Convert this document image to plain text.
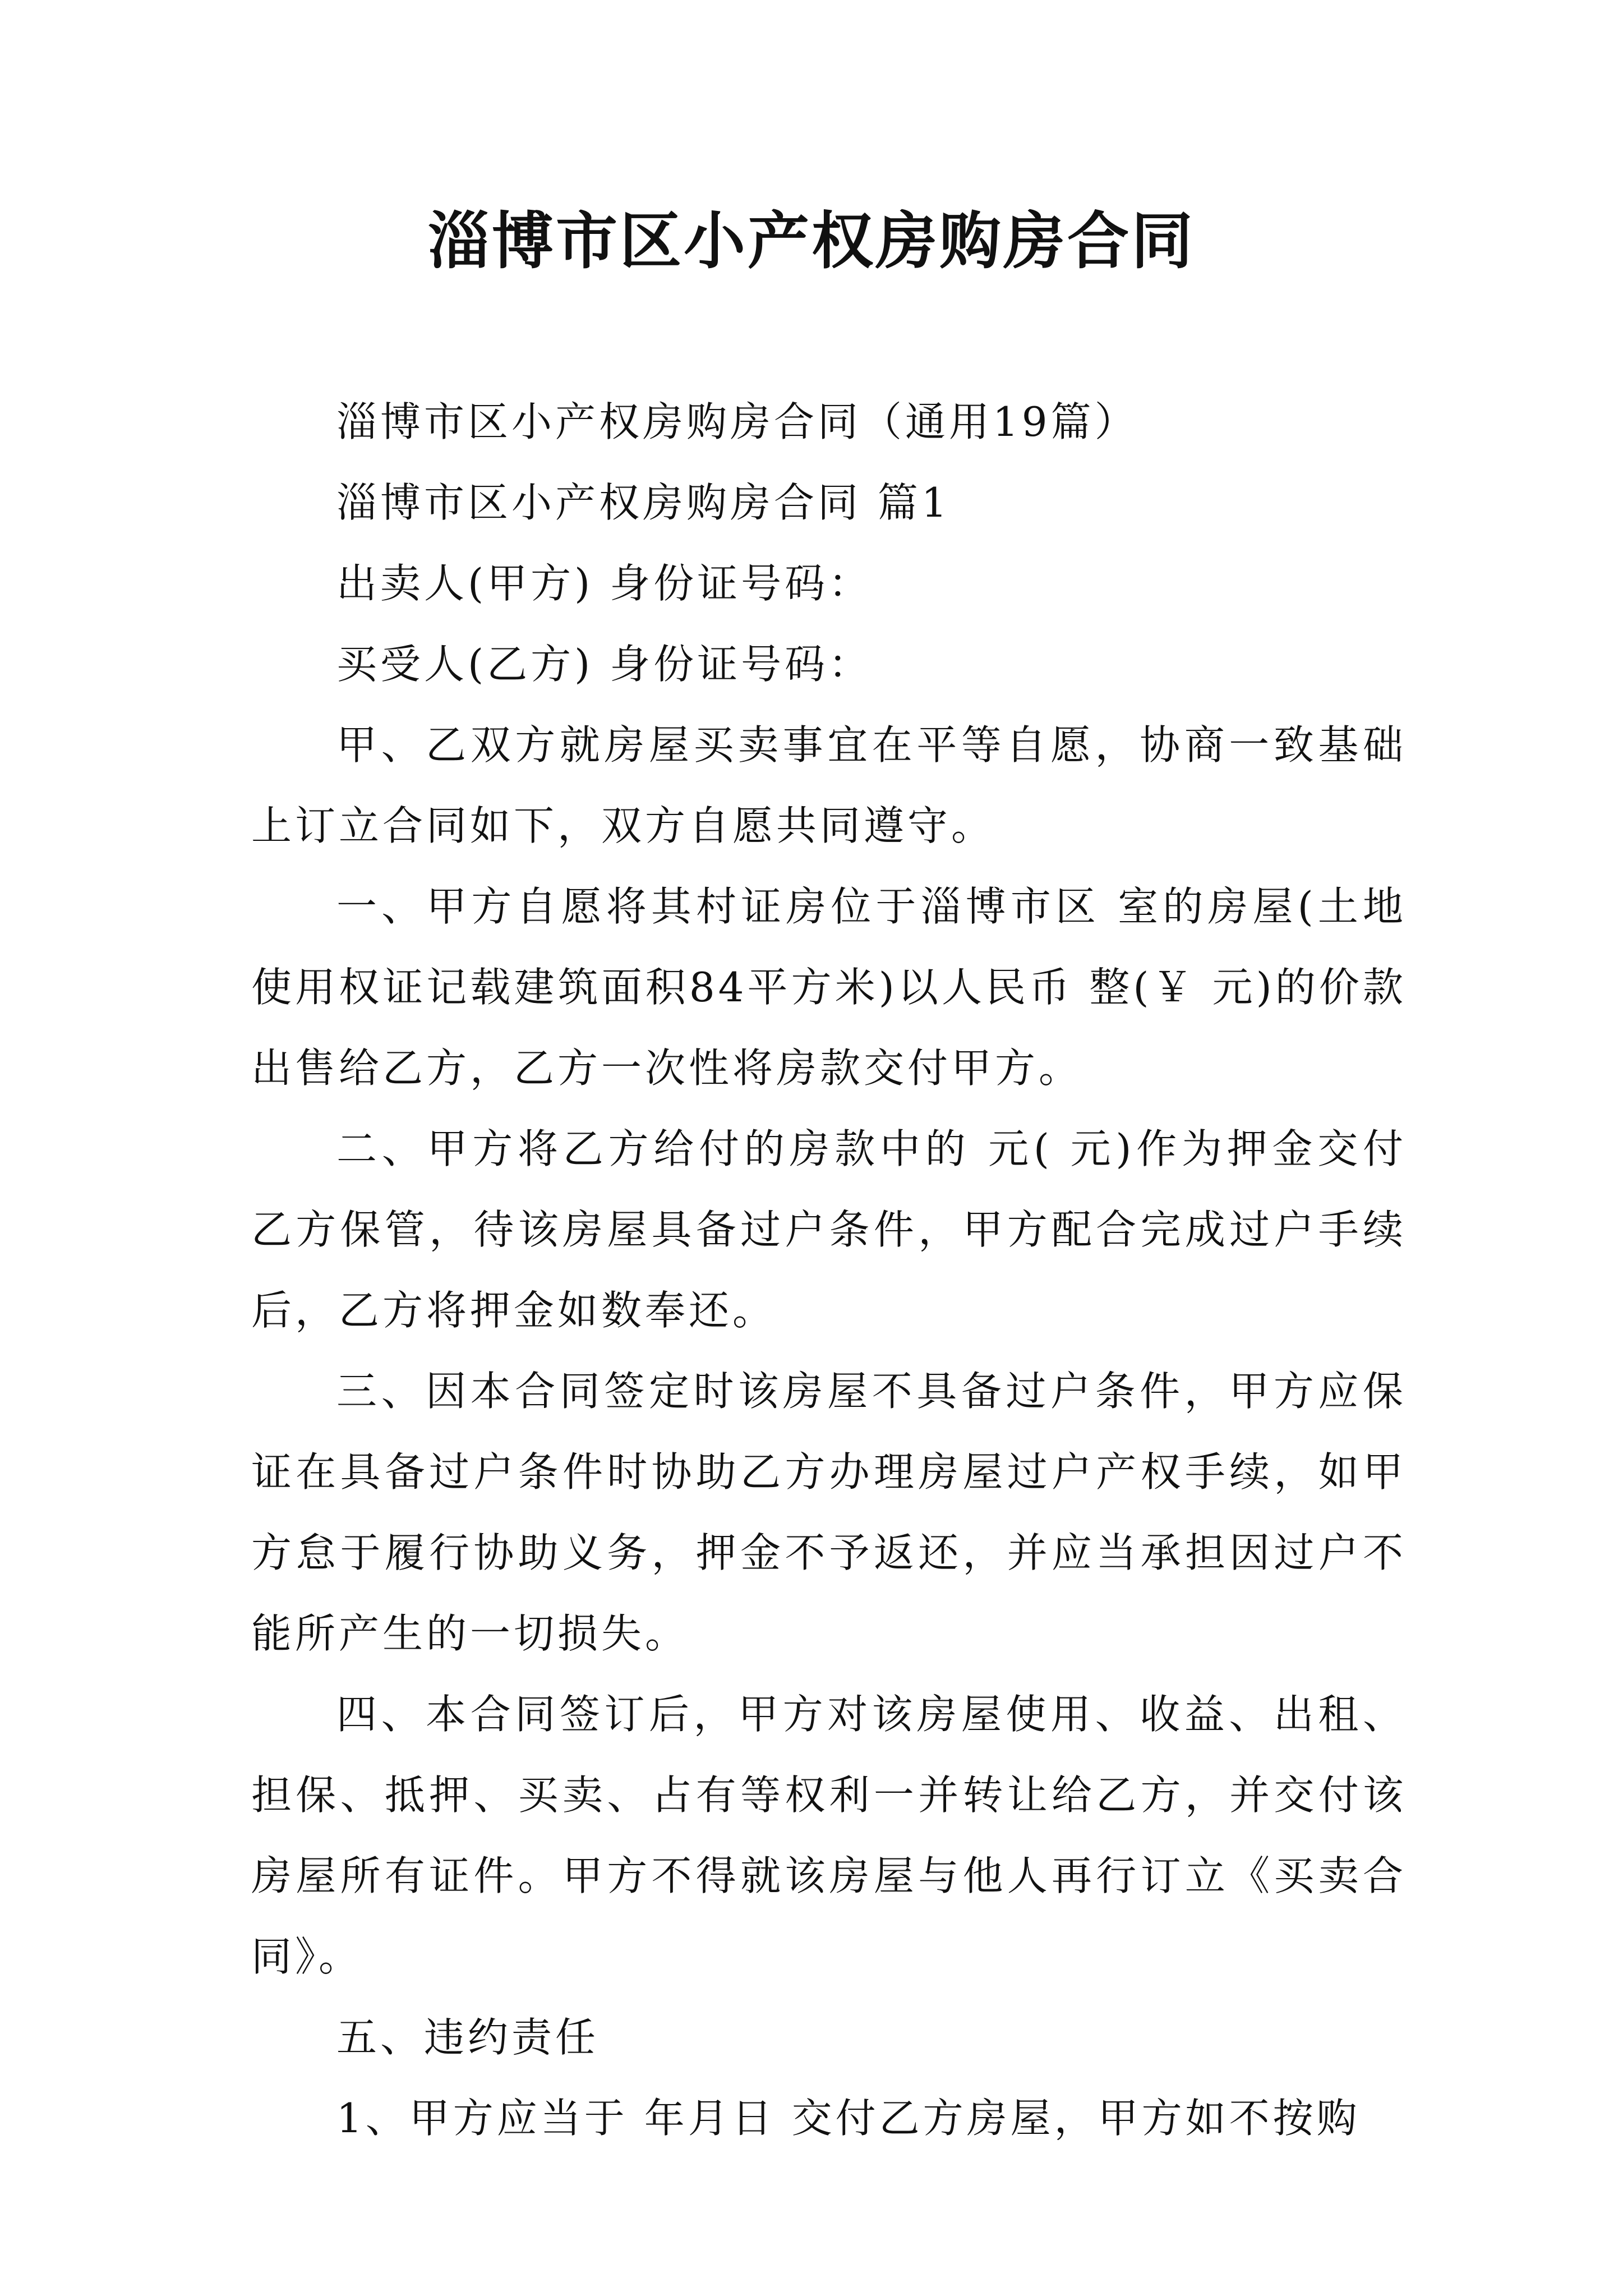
淄博市区小产权房购房合同

淄博市区小产权房购房合同（通用19篇）

淄博市区小产权房购房合同 篇1

出卖人(甲方) 身份证号码：

买受人(乙方) 身份证号码：

甲、乙双方就房屋买卖事宜在平等自愿，协商一致基础上订立合同如下，双方自愿共同遵守。

一、甲方自愿将其村证房位于淄博市区 室的房屋(土地使用权证记载建筑面积84平方米)以人民币 整(￥ 元)的价款出售给乙方，乙方一次性将房款交付甲方。

二、甲方将乙方给付的房款中的 元( 元)作为押金交付乙方保管，待该房屋具备过户条件，甲方配合完成过户手续后，乙方将押金如数奉还。

三、因本合同签定时该房屋不具备过户条件，甲方应保证在具备过户条件时协助乙方办理房屋过户产权手续，如甲方怠于履行协助义务，押金不予返还，并应当承担因过户不能所产生的一切损失。

四、本合同签订后，甲方对该房屋使用、收益、出租、担保、抵押、买卖、占有等权利一并转让给乙方，并交付该房屋所有证件。甲方不得就该房屋与他人再行订立《买卖合同》。

五、违约责任

1、甲方应当于 年月日 交付乙方房屋，甲方如不按购
